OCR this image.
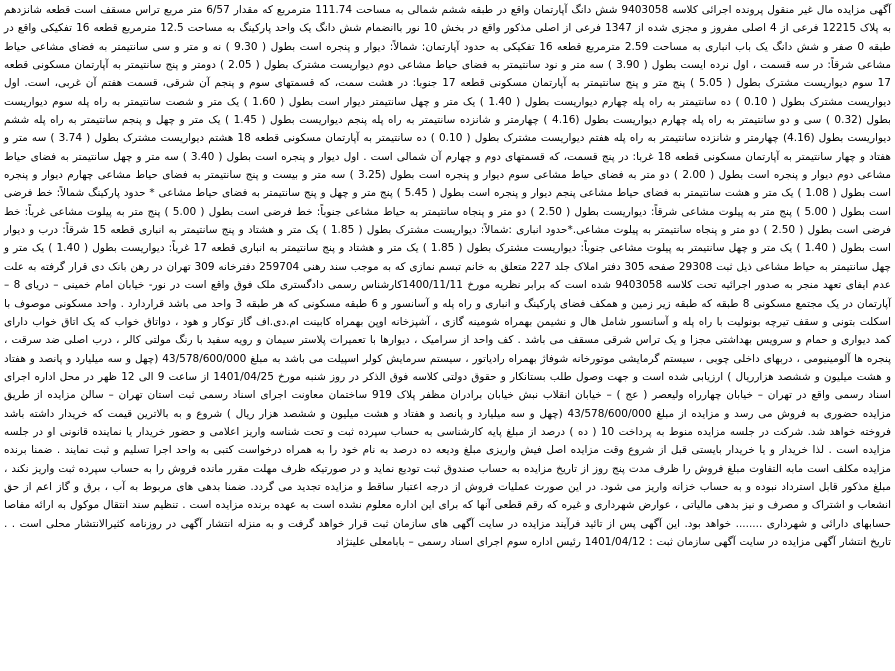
آگهی مزایده مال غیر منقول پرونده اجرائی کلاسه 9403058 شش دانگ آپارتمان واقع در طبقه ششم شمالی به مساحت 111.74 مترمربع که مقدار 6/57 متر مربع تراس مسقف است قطعه شانزدهم به پلاک 12215 فرعی از 4 اصلی مفروز و مجزی شده از 1347 فرعی از اصلی مذکور واقع در بخش 10 نور باانضمام شش دانگ یک واحد پارکینگ به مساحت 12.5 مترمربع قطعه 16 تفکیکی واقع در طبقه 0 صفر و شش دانگ یک باب انباری به مساحت 2.59 مترمربع قطعه 16 تفکیکی به حدود آپارتمان: شمالاً: دیوار و پنجره است بطول ( 9.30 ) نه و متر و سی سانتیمتر به فضای مشاعی حیاط مشاعی شرقاً: در سه قسمت ، اول نرده ایست بطول ( 3.90 ) سه متر و نود سانتیمتر به فضای حیاط مشاعی دوم دیواریست مشترک بطول ( 2.05 ) دومتر و پنج سانتیمتر به آپارتمان مسکونی قطعه 17 سوم دیواریست مشترک بطول ( 5.05 ) پنج متر و پنج سانتیمتر به آپارتمان مسکونی قطعه 17 جنوبا: در هشت سمت، که قسمتهای سوم و پنجم آن شرقی، قسمت هفتم آن غربی، است. اول دیواریست مشترک بطول ( 0.10 ) ده سانتیمتر به راه پله چهارم دیواریست بطول ( 1.40 ) یک متر و چهل سانتیمتر دیوار است بطول ( 1.60 ) یک متر و شصت سانتیمتر به راه پله سوم دیواریست بطول (0.32 ) سی و دو سانتیمتر به راه پله چهارم دیواریست بطول (4.16 ) چهارمتر و شانزده سانتیمتر به راه پله پنجم دیواریست بطول ( 1.45 ) یک متر و چهل و پنجم سانتیمتر به راه پله ششم دیواریست بطول (4.16) چهارمتر و شانزده سانتیمتر به راه پله هفتم دیواریست مشترک بطول ( 0.10 ) ده سانتیمتر به آپارتمان مسکونی قطعه 18 هشتم دیواریست مشترک بطول ( 3.74 ) سه متر و هفتاد و چهار سانتیمتر به آپارتمان مسکونی قطعه 18 غربا: در پنج قسمت، که قسمتهای دوم و چهارم آن شمالی است . اول دیوار و پنجره است بطول ( 3.40 ) سه متر و چهل سانتیمتر به فضای حیاط مشاعی دوم دیوار و پنجره است بطول ( 2.00 ) دو متر به فضای حیاط مشاعی سوم دیوار و پنجره است بطول (3.25 ) سه متر و بیست و پنج سانتیمتر به فضای حیاط مشاعی چهارم دیوار و پنجره است بطول ( 1.08 ) یک متر و هشت سانتیمتر به فضای حیاط مشاعی پنجم دیوار و پنجره است بطول ( 5.45 ) پنج متر و چهل و پنج سانتیمتر به فضای حیاط مشاعی * حدود پارکینگ شمالاً: خط فرضی است بطول ( 5.00 ) پنج متر به پیلوت مشاعی شرقاً: دیواریست بطول ( 2.50 ) دو متر و پنجاه سانتیمتر به حیاط مشاعی جنوباً: خط فرضی است بطول ( 5.00 ) پنج متر به پیلوت مشاعی غرباً: خط فرضی است بطول ( 2.50 ) دو متر و پنجاه سانتیمتر به پیلوت مشاعی.*حدود انباری :شمالاً: دیواریست مشترک بطول ( 1.85 ) یک متر و هشتاد و پنج سانتیمتر به انباری قطعه 15 شرقاً: درب و دیوار است بطول ( 1.40 ) یک متر و چهل سانتیمتر به پیلوت مشاعی جنوباً: دیواریست مشترک بطول ( 1.85 ) یک متر و هشتاد و پنج سانتیمتر به انباری قطعه 17 غرباً: دیواریست بطول ( 1.40 ) یک متر و چهل سانتیمتر به حیاط مشاعی ذیل ثبت 29308 صفحه 305 دفتر املاک جلد 227 متعلق به خانم تبسم نمازی که به موجب سند رهنی 259704 دفترخانه 309 تهران در رهن بانک دی قرار گرفته به علت عدم ایفای تعهد منجر به صدور اجرائیه تحت کلاسه 9403058 شده است که برابر نظریه مورخ 1400/11/11کارشناس رسمی دادگستری ملک فوق واقع است در نور- خیابان امام خمینی – دریای 8 – آپارتمان در یک مجتمع مسکونی 8 طبقه که طبقه زیر زمین و همکف فضای پارکینگ و انباری و راه پله و آسانسور و 6 طبقه مسکونی که هر طبقه 3 واحد می باشد قراردارد . واحد مسکونی موصوف با اسکلت بتونی و سقف تیرچه بونولیت با راه پله و آسانسور شامل هال و نشیمن بهمراه شومینه گازی ، آشپزخانه اوپن بهمراه کابینت ام.دی.اف گاز توکار و هود ، دواتاق خواب که یک اتاق خواب دارای کمد دیواری و حمام و سرویس بهداشتی مجزا و یک تراس شرقی مسقف می باشد . کف واحد از سرامیک ، دیوارها با تعمیرات پلاستر سیمان و رویه سفید با رنگ مولتی کالر ، درب اصلی ضد سرقت ، پنجره ها آلومینیومی ، دربهای داخلی چوبی ، سیستم گرمایشی موتورخانه شوفاژ بهمراه رادیاتور ، سیستم سرمایش کولر اسپیلت می باشد به مبلغ 43/578/600/000 (چهل و سه میلیارد و پانصد و هفتاد و هشت میلیون و ششصد هزارریال ) ارزیابی شده است و جهت وصول طلب بستانکار و حقوق دولتی کلاسه فوق الذکر در روز شنبه مورخ 1401/04/25 از ساعت 9 الی 12 ظهر در محل اداره اجرای اسناد رسمی واقع در تهران – خیابان چهارراه ولیعصر ( عج ) – خیابان انقلاب نبش خیابان برادران مظفر پلاک 919 ساختمان معاونت اجرای اسناد رسمی ثبت استان تهران – سالن مزایده از طریق مزایده حضوری به فروش می رسد و مزایده از مبلغ 43/578/600/000 (چهل و سه میلیارد و پانصد و هفتاد و هشت میلیون و ششصد هزار ریال ) شروع و به بالاترین قیمت که خریدار داشته باشد فروخته خواهد شد. شرکت در جلسه مزایده منوط به پرداخت 10 ( ده ) درصد از مبلغ پایه کارشناسی به حساب سپرده ثبت و تحت شناسه واریز اعلامی و حضور خریدار یا نماینده قانونی او در جلسه مزایده است . لذا خریدار و یا خریدار بایستی قبل از شروع وقت مزایده اصل فیش واریزی مبلغ ودیعه ده درصد به نام خود را به همراه درخواست کتبی به واحد اجرا تسلیم و ثبت نمایند . ضمنا برنده مزایده مکلف است مابه التفاوت مبلغ فروش را ظرف مدت پنج روز از تاریخ مزایده به حساب صندوق ثبت تودیع نماید و در صورتیکه ظرف مهلت مقرر مانده فروش را به حساب سپرده ثبت واریز نکند ، مبلغ مذکور قابل استرداد نبوده و به حساب خزانه واریز می شود. در این صورت عملیات فروش از درجه اعتبار ساقط و مزایده تجدید می گردد. ضمنا بدهی های مربوط به آب ، برق و گاز اعم از حق انشعاب و اشتراک و مصرف و نیز بدهی مالیاتی ، عوارض شهرداری و غیره که رقم قطعی آنها که برای این اداره معلوم نشده است به عهده برنده مزایده است . تنظیم سند انتقال موکول به ارائه مفاصا حسابهای دارائی و شهرداری ........ خواهد بود. این آگهی پس از تائید فرآیند مزایده در سایت آگهی های سازمان ثبت قرار خواهد گرفت و به منزله انتشار آگهی در روزنامه کثیرالانتشار محلی است . . تاریخ انتشار آگهی مزایده در سایت آگهی سازمان ثبت : 1401/04/12 رئیس اداره سوم اجرای اسناد رسمی – بابامعلی علینژاد
